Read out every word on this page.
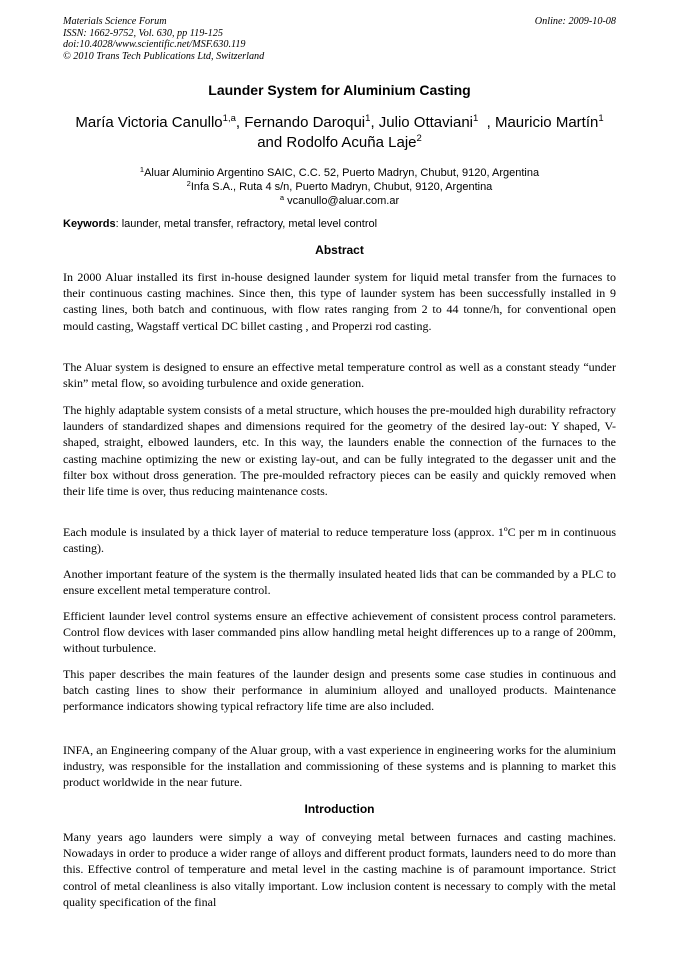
Materials Science Forum
ISSN: 1662-9752, Vol. 630, pp 119-125
doi:10.4028/www.scientific.net/MSF.630.119
© 2010 Trans Tech Publications Ltd, Switzerland
Online: 2009-10-08
Launder System for Aluminium Casting
María Victoria Canullo$^{1,a}$, Fernando Daroqui$^1$, Julio Ottaviani$^1$  , Mauricio Martín$^1$ and Rodolfo Acuña Laje$^2$
$^1$Aluar Aluminio Argentino SAIC, C.C. 52, Puerto Madryn, Chubut, 9120, Argentina
$^2$Infa S.A., Ruta 4 s/n, Puerto Madryn, Chubut, 9120, Argentina
$^a$ vcanullo@aluar.com.ar
Keywords: launder, metal transfer, refractory, metal level control
Abstract

In 2000 Aluar installed its first in-house designed launder system for liquid metal transfer from the furnaces to their continuous casting machines. Since then, this type of launder system has been successfully installed in 9 casting lines, both batch and continuous, with flow rates ranging from 2 to 44 tonne/h, for conventional open mould casting, Wagstaff vertical DC billet casting , and Properzi rod casting.

The Aluar system is designed to ensure an effective metal temperature control as well as a constant steady “under skin” metal flow, so avoiding turbulence and oxide generation.

The highly adaptable system consists of a metal structure, which houses the pre-moulded high durability refractory launders of standardized shapes and dimensions required for the geometry of the desired lay-out: Y shaped, V-shaped, straight, elbowed launders, etc. In this way, the launders enable the connection of the furnaces to the casting machine optimizing the new or existing lay-out, and can be fully integrated to the degasser unit and the filter box without dross generation. The pre-moulded refractory pieces can be easily and quickly removed when their life time is over, thus reducing maintenance costs.

Each module is insulated by a thick layer of material to reduce temperature loss (approx. 1ºC per m in continuous casting).

Another important feature of the system is the thermally insulated heated lids that can be commanded by a PLC to ensure excellent metal temperature control.

Efficient launder level control systems ensure an effective achievement of consistent process control parameters. Control flow devices with laser commanded pins allow handling metal height differences up to a range of 200mm, without turbulence.

This paper describes the main features of the launder design and presents some case studies in continuous and batch casting lines to show their performance in aluminium alloyed and unalloyed products. Maintenance performance indicators showing typical refractory life time are also included.

INFA, an Engineering company of the Aluar group, with a vast experience in engineering works for the aluminium industry, was responsible for the installation and commissioning of these systems and is planning to market this product worldwide in the near future.

Introduction

Many years ago launders were simply a way of conveying metal between furnaces and casting machines. Nowadays in order to produce a wider range of alloys and different product formats, launders need to do more than this. Effective control of temperature and metal level in the casting machine is of paramount importance. Strict control of metal cleanliness is also vitally important. Low inclusion content is necessary to comply with the metal quality specification of the final
